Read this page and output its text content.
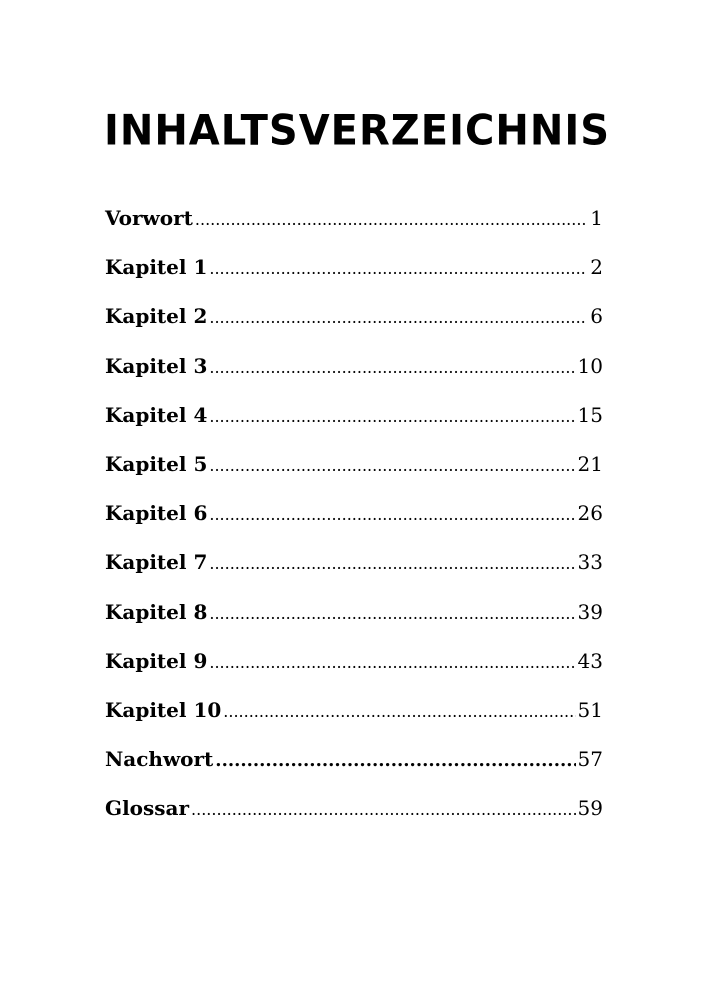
INHALTSVERZEICHNIS
Vorwort .....	1
Kapitel 1 .....	2
Kapitel 2 .....	6
Kapitel 3 .....	10
Kapitel 4 .....	15
Kapitel 5 .....	21
Kapitel 6 .....	26
Kapitel 7 .....	33
Kapitel 8 .....	39
Kapitel 9 .....	43
Kapitel 10 .....	51
Nachwort .....	57
Glossar .....	59
